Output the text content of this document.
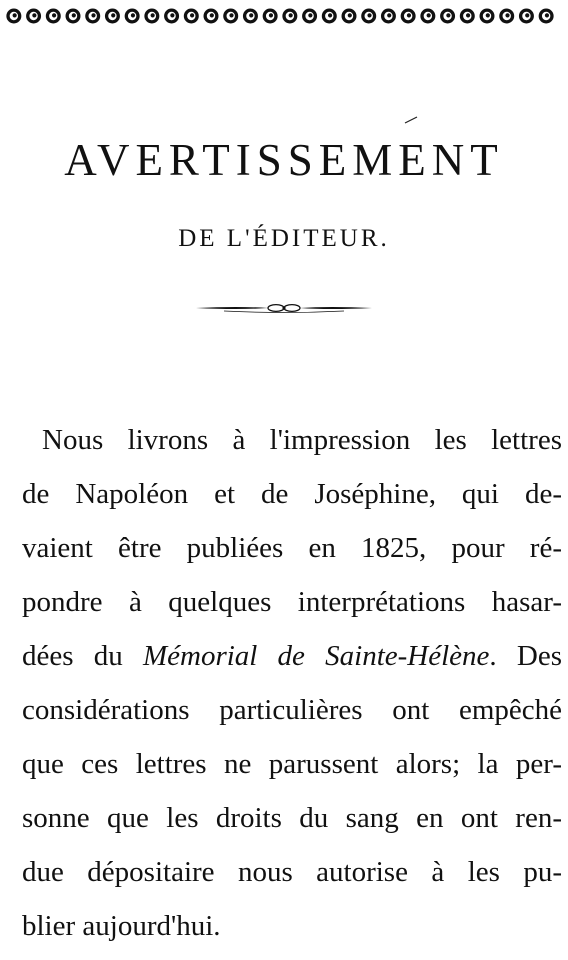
AVERTISSEMENT
DE L'ÉDITEUR.
Nous livrons à l'impression les lettres
de Napoléon et de Joséphine, qui de-
vaient être publiées en 1825, pour ré-
pondre à quelques interprétations hasar-
dées du Mémorial de Sainte-Hélène. Des
considérations particulières ont empêché
que ces lettres ne parussent alors; la per-
sonne que les droits du sang en ont ren-
due dépositaire nous autorise à les pu-
blier aujourd'hui.
